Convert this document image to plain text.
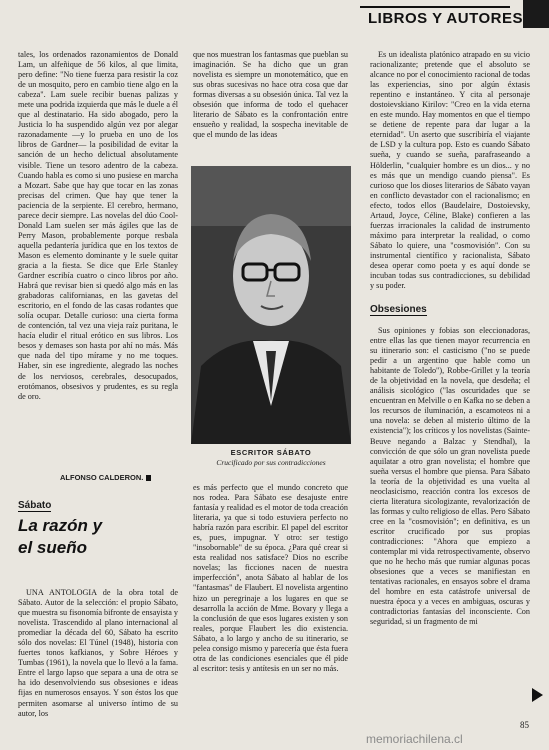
LIBROS Y AUTORES

tales, los ordenados razonamientos de Donald Lam, un alfeñique de 56 kilos, al que limita, pero define: "No tiene fuerza para resistir la coz de un mosquito, pero en cambio tiene algo en la cabeza". Lam suele recibir buenas palizas y mete una podrida izquierda que más le duele a él que al destinatario. Ha sido abogado, pero la Justicia lo ha suspendido algún vez por alegar razonadamente —y lo prueba en uno de los libros de Gardner— la posibilidad de evitar la sanción de un hecho delictual absolutamente visible. Tiene un tesoro adentro de la cabeza. Cuando habla es como si uno pusiese en marcha a Mozart. Sabe que hay que tocar en las zonas precisas del crimen. Que hay que tener la paciencia de la serpiente. El cerebro, hermano, parece decir siempre. Las novelas del dúo Cool-Donald Lam suelen ser más ágiles que las de Perry Mason, probablemente porque resbala aquella pedantería jurídica que en los textos de Mason es elemento dominante y le suele quitar gracia a la fiesta. Se dice que Erle Stanley Gardner escribía cuatro o cinco libros por año. Habrá que revisar bien si quedó algo más en las grabadoras californianas, en las gavetas del escritorio, en el fondo de las casas rodantes que solía ocupar. Detalle curioso: una cierta forma de contención, tal vez una vieja raíz puritana, le hacía eludir el ritual erótico en sus libros. Los besos y demases son hasta por ahí no más. Más que nada del tipo mírame y no me toques. Haber, sin ese ingrediente, alegrado las noches de los nerviosos, cerebrales, desocupados, erotómanos, obsesivos y prudentes, es su regla de oro.

ALFONSO CALDERON.

que nos muestran los fantasmas que pueblan su imaginación. Se ha dicho que un gran novelista es siempre un monotemático, que en sus obras sucesivas no hace otra cosa que dar formas diversas a su obsesión única. Tal vez la obsesión que informa de todo el quehacer literario de Sábato es la confrontación entre ensueño y realidad, la sospecha inevitable de que el mundo de las ideas

ESCRITOR SÁBATO
Crucificado por sus contradicciones
Sábato
La razón y
el sueño

UNA ANTOLOGIA de la obra total de Sábato. Autor de la selección: el propio Sábato, que muestra su fisonomía bifronte de ensayista y novelista. Trascendido al plano internacional al promediar la década del 60, Sábato ha escrito sólo dos novelas: El Túnel (1948), historia con fuertes tonos kafkianos, y Sobre Héroes y Tumbas (1961), la novela que lo llevó a la fama. Entre el largo lapso que separa a una de otra se ha ido desenvolviendo sus obsesiones e ideas fijas en numerosos ensayos. Y son éstos los que permiten asomarse al universo íntimo de su autor, los

es más perfecto que el mundo concreto que nos rodea. Para Sábato ese desajuste entre fantasía y realidad es el motor de toda creación literaria, ya que si todo estuviera perfecto no habría razón para escribir. El papel del escritor es, pues, impugnar. Y otro: ser testigo "insobornable" de su época. ¿Para qué crear si esta realidad nos satisface? Dios no escribe novelas; las ficciones nacen de nuestra imperfección", anota Sábato al hablar de los "fantasmas" de Flaubert. El novelista argentino hizo un peregrinaje a los lugares en que se desarrolla la acción de Mme. Bovary y llega a la conclusión de que esos lugares existen y son reales, porque Flaubert les dio existencia. Sábato, a lo largo y ancho de su itinerario, se pelea consigo mismo y parecería que ésta fuera otra de las condiciones esenciales que él pide al escritor: tesis y antítesis en un ser no más.

Es un idealista platónico atrapado en su vicio racionalizante; pretende que el absoluto se alcance no por el conocimiento racional de todas las experiencias, sino por algún éxtasis repentino e instantáneo. Y cita al personaje dostoievskiano Kirilov: "Creo en la vida eterna en este mundo. Hay momentos en que el tiempo se detiene de repente para dar lugar a la eternidad". Un aserto que suscribiría el viajante de LSD y la cultura pop. Esto es cuando Sábato sueña, y cuando se sueña, parafraseando a Hölderlin, "cualquier hombre es un dios... y no es más que un mendigo cuando piensa". Es curioso que los dioses literarios de Sábato vayan en conflicto devastador con el racionalismo; en efecto, todos ellos (Baudelaire, Dostoievsky, Artaud, Joyce, Céline, Blake) confieren a las fuerzas irracionales la calidad de instrumento máximo para interpretar la realidad, o como Sábato lo quiere, una "cosmovisión". Con su instrumental científico y racionalista, Sábato desea operar como poeta y es aquí donde se incuban todas sus contradicciones, su debilidad y su poder.

Obsesiones

Sus opiniones y fobias son eleccionadoras, entre ellas las que tienen mayor recurrencia en su itinerario son: el casticismo ("no se puede pedir a un argentino que hable como un habitante de Toledo"), Robbe-Grillet y la teoría de la objetividad en la novela, que desdeña; el análisis sicológico ("las oscuridades que se encuentran en Melville o en Kafka no se deben a los recursos de iluminación, a escamoteos ni a una novela: se deben al misterio último de la existencia"); los críticos y los novelistas (Sainte-Beuve negando a Balzac y Stendhal), la convicción de que sólo un gran novelista puede aquilatar a otro gran novelista; el hombre que sueña versus el hombre que piensa. Para Sábato la teoría de la objetividad es una vuelta al neoclasicismo, reacción contra los excesos de cierta literatura sicologizante, revalorización de las formas y culto religioso de ellas. Pero Sábato cree en la "cosmovisión"; en definitiva, es un escritor crucificado por sus propias contradicciones: "Ahora que empiezo a contemplar mi vida retrospectivamente, observo que no he hecho más que rumiar algunas pocas obsesiones que a veces se manifiestan en tentativas racionales, en ensayos sobre el drama del hombre en esta catástrofe universal de nuestra época y a veces en ambiguas, oscuras y contradictorias fantasías del inconsciente. Con seguridad, si un fragmento de mi

85
memoriachilena.cl
